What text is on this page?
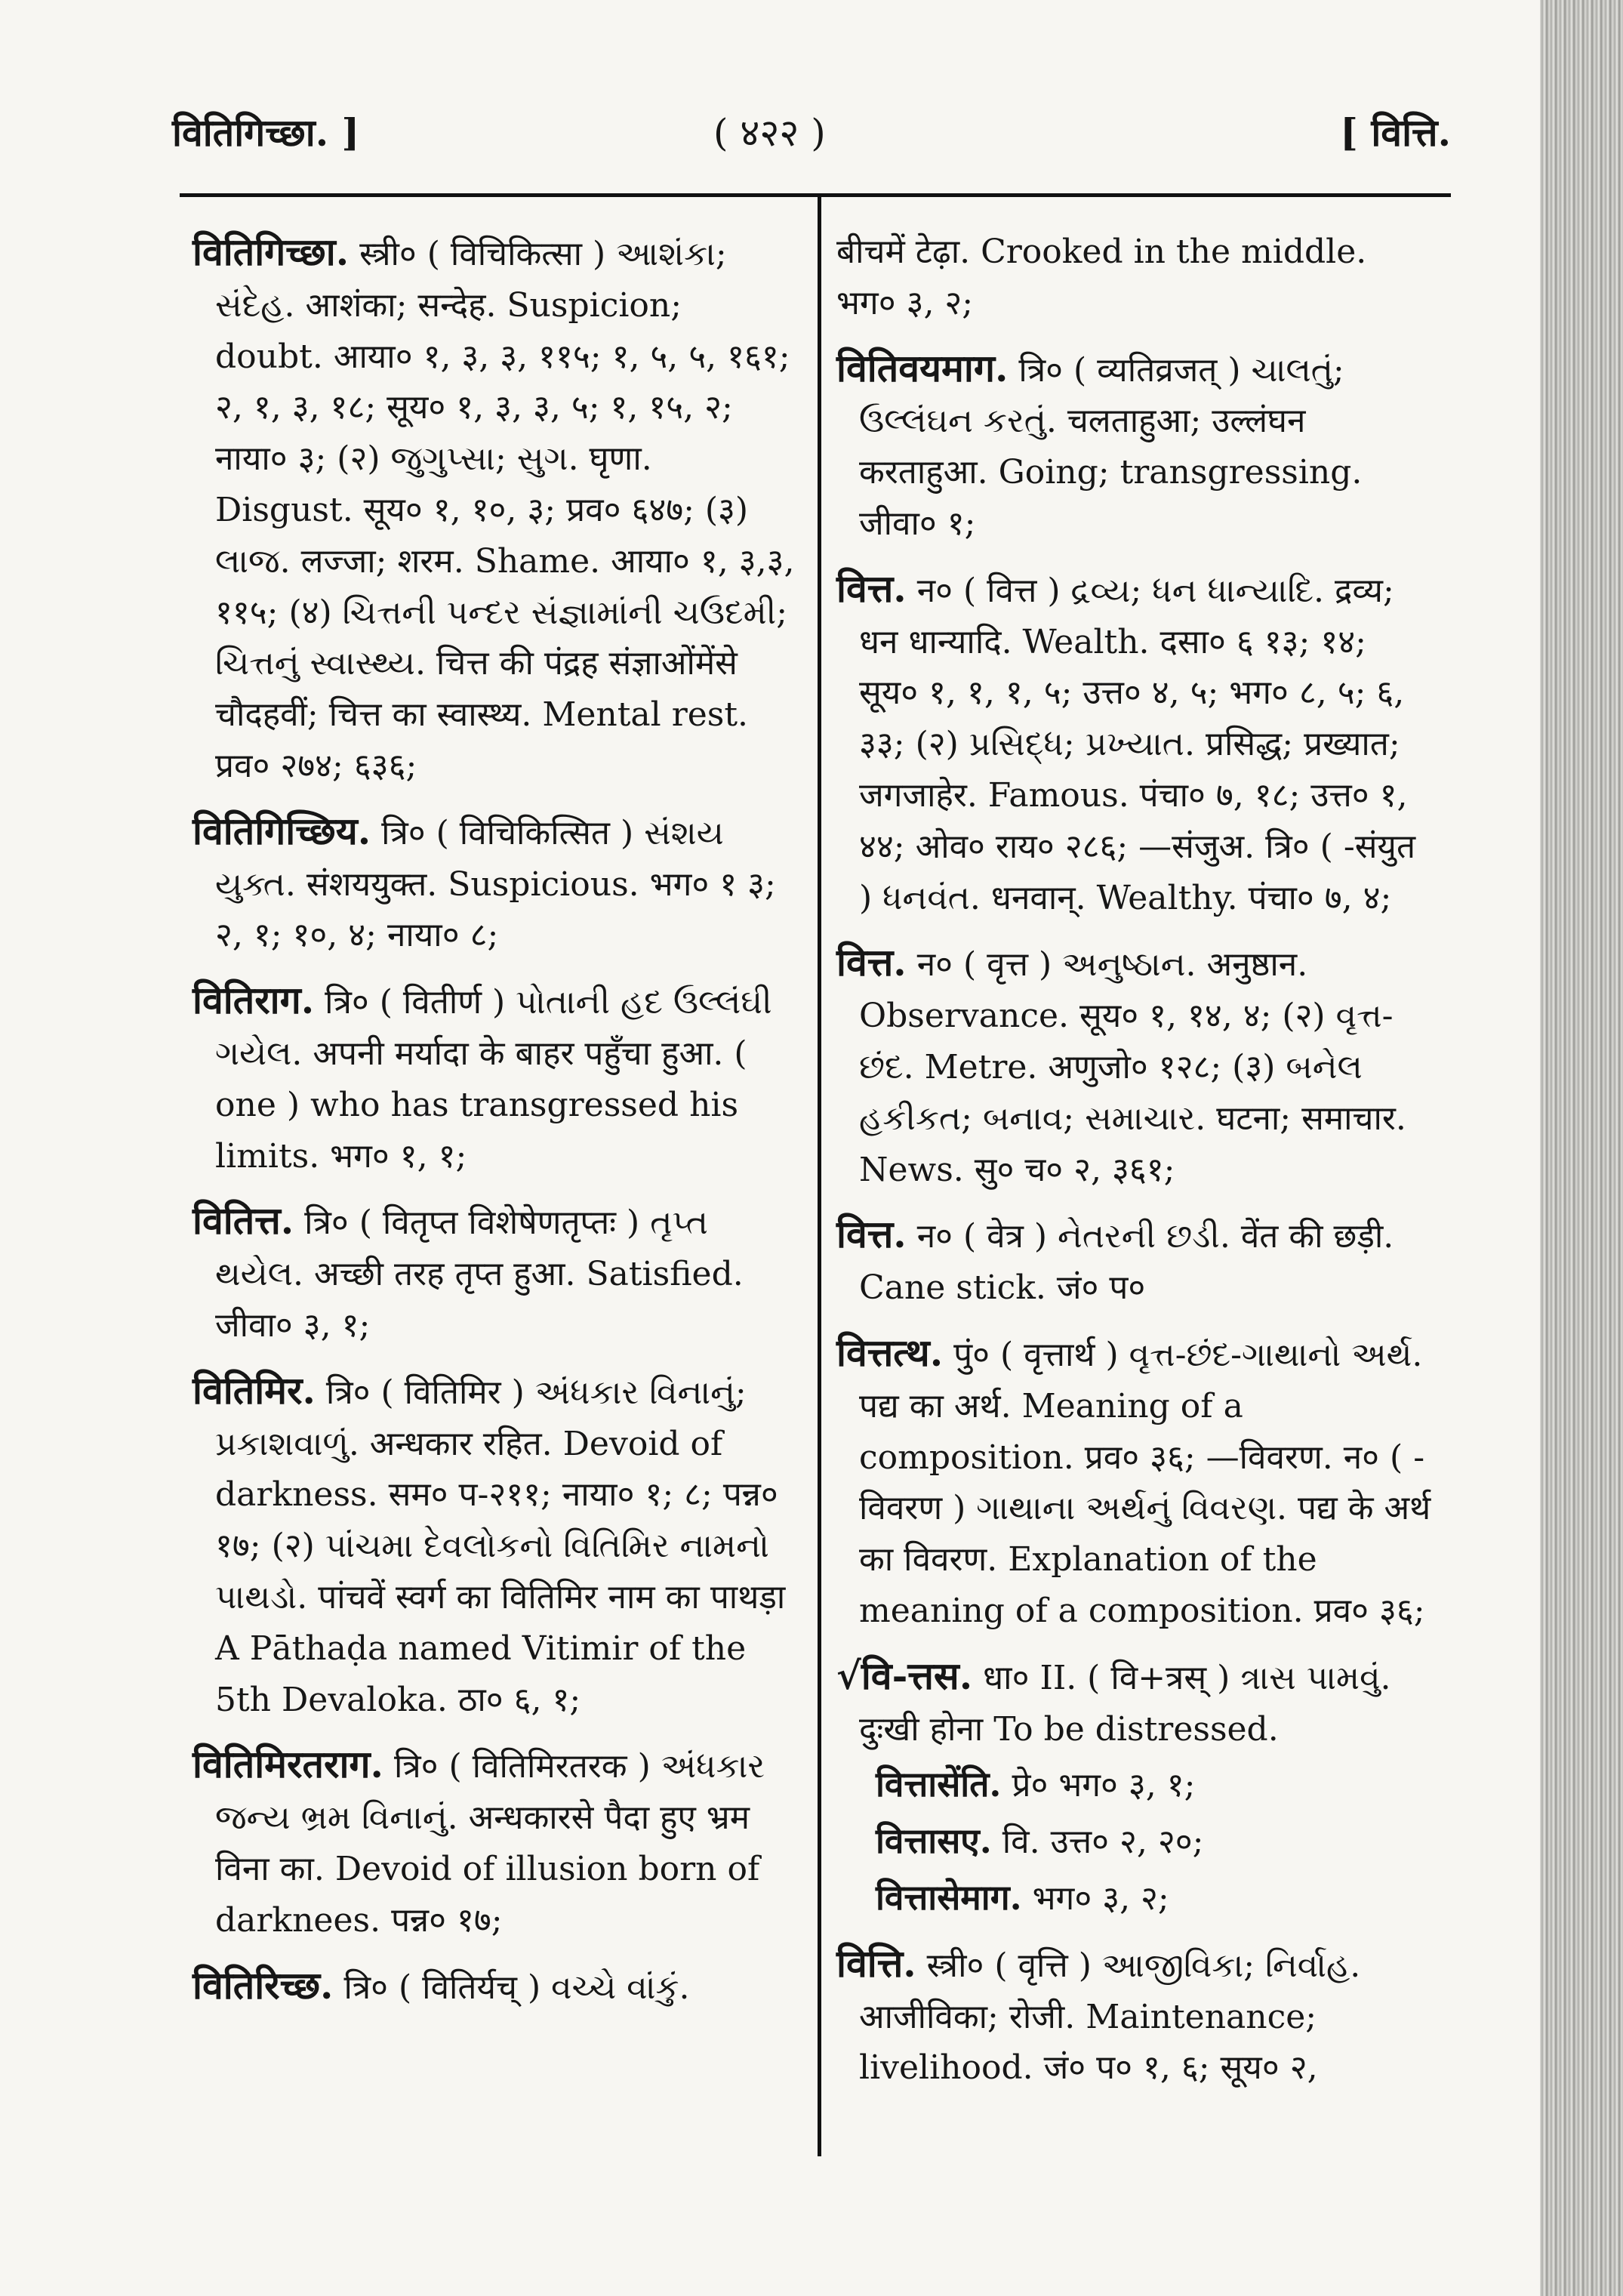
वितिगिच्छा. ]	( ४२२ )	[ वित्ति.

वितिगिच्छा. स्त्री० ( विचिकित्सा ) આશંકા; સંદેહ. आशंका; सन्देह. Suspicion; doubt. आया० १, ३, ३, ११५; १, ५, ५, १६१; २, १, ३, १८; सूय० १, ३, ३, ५; १, १५, २; नाया० ३; (२) જુગુપ્સા; સુગ. घृणा. Disgust. सूय० १, १०, ३; प्रव० ६४७; (३) લાજ. लज्जा; शरम. Shame. आया० १, ३,३, ११५; (४) ચિત્તની પન્દર સંજ્ઞામાંની ચઉદમી; ચિત્તનું સ્વાસ્થ્ય. चित्त की पंद्रह संज्ञाओंमेंसे चौदहवीं; चित्त का स्वास्थ्य. Mental rest. प्रव० २७४; ६३६;

वितिगिच्छिय. त्रि० ( विचिकित्सित ) સંશય યુક્ત. संशययुक्त. Suspicious. भग० १ ३; २, १; १०, ४; नाया० ८;

वितिराग. त्रि० ( वितीर्ण ) પોતાની હદ ઉલ્લંઘી ગયેલ. अपनी मर्यादा के बाहर पहुँचा हुआ. ( one ) who has transgressed his limits. भग० १, १;

वितित्त. त्रि० ( वितृप्त विशेषेणतृप्तः ) તૃપ્ત થયેલ. अच्छी तरह तृप्त हुआ. Satisfied. जीवा० ३, १;

वितिमिर. त्रि० ( वितिमिर ) અંધકાર વિનાનું; પ્રકાશવાળું. अन्धकार रहित. Devoid of darkness. सम० प-२११; नाया० १; ८; पन्न० १७; (२) પાંચમા દેવલોકનો વિતિમિર નામનો પાથડો. पांचवें स्वर्ग का वितिमिर नाम का पाथड़ा A Pāthaḍa named Vitimir of the 5th Devaloka. ठा० ६, १;

वितिमिरतराग. त्रि० ( वितिमिरतरक ) અંધકાર જન્ય ભ્રમ વિનાનું. अन्धकारसे पैदा हुए भ्रम विना का. Devoid of illusion born of darknees. पन्न० १७;

वितिरिच्छ. त्रि० ( वितिर्यच् ) વચ્ચે વાંકું.

बीचमें टेढ़ा. Crooked in the middle. भग० ३, २;

वितिवयमाग. त्रि० ( व्यतिव्रजत् ) ચાલતું; ઉલ્લંઘન કરતું. चलताहुआ; उल्लंघन करताहुआ. Going; transgressing. जीवा० १;

वित्त. न० ( वित्त ) દ્રવ્ય; ધન ધાન્યાદિ. द्रव्य; धन धान्यादि. Wealth. दसा० ६ १३; १४; सूय० १, १, १, ५; उत्त० ४, ५; भग० ८, ५; ६, ३३; (२) પ્રસિદ્ધ; પ્રખ્યાત. प्रसिद्ध; प्रख्यात; जगजाहेर. Famous. पंचा० ७, १८; उत्त० १, ४४; ओव० राय० २८६; —संजुअ. त्रि० ( -संयुत ) ધનવંત. धनवान्. Wealthy. पंचा० ७, ४;

वित्त. न० ( वृत्त ) અનુષ્ઠાન. अनुष्ठान. Observance. सूय० १, १४, ४; (२) વૃત્ત-છંદ. Metre. अणुजो० १२८; (३) બનેલ હકીકત; બનાવ; સમાચાર. घटना; समाचार. News. सु० च० २, ३६१;

वित्त. न० ( वेत्र ) નેતરની છડી. वेंत की छड़ी. Cane stick. जं० प०

वित्तत्थ. पुं० ( वृत्तार्थ ) વૃત્ત-છંદ-ગાથાનો અર્થ. पद्य का अर्थ. Meaning of a composition. प्रव० ३६; —विवरण. न० ( -विवरण ) ગાથાના અર્થનું વિવરણ. पद्य के अर्थ का विवरण. Explanation of the meaning of a composition. प्रव० ३६;

√वि-त्तस. धा० II. ( वि+त्रस् ) ત્રાસ પામવું. दुःखी होना To be distressed.

वित्तासेंति. प्रे० भग० ३, १;

वित्तासए. वि. उत्त० २, २०;

वित्तासेमाग. भग० ३, २;

वित्ति. स्त्री० ( वृत्ति ) આજીવિકા; નિર્વાહ. आजीविका; रोजी. Maintenance; livelihood. जं० प० १, ६; सूय० २,
